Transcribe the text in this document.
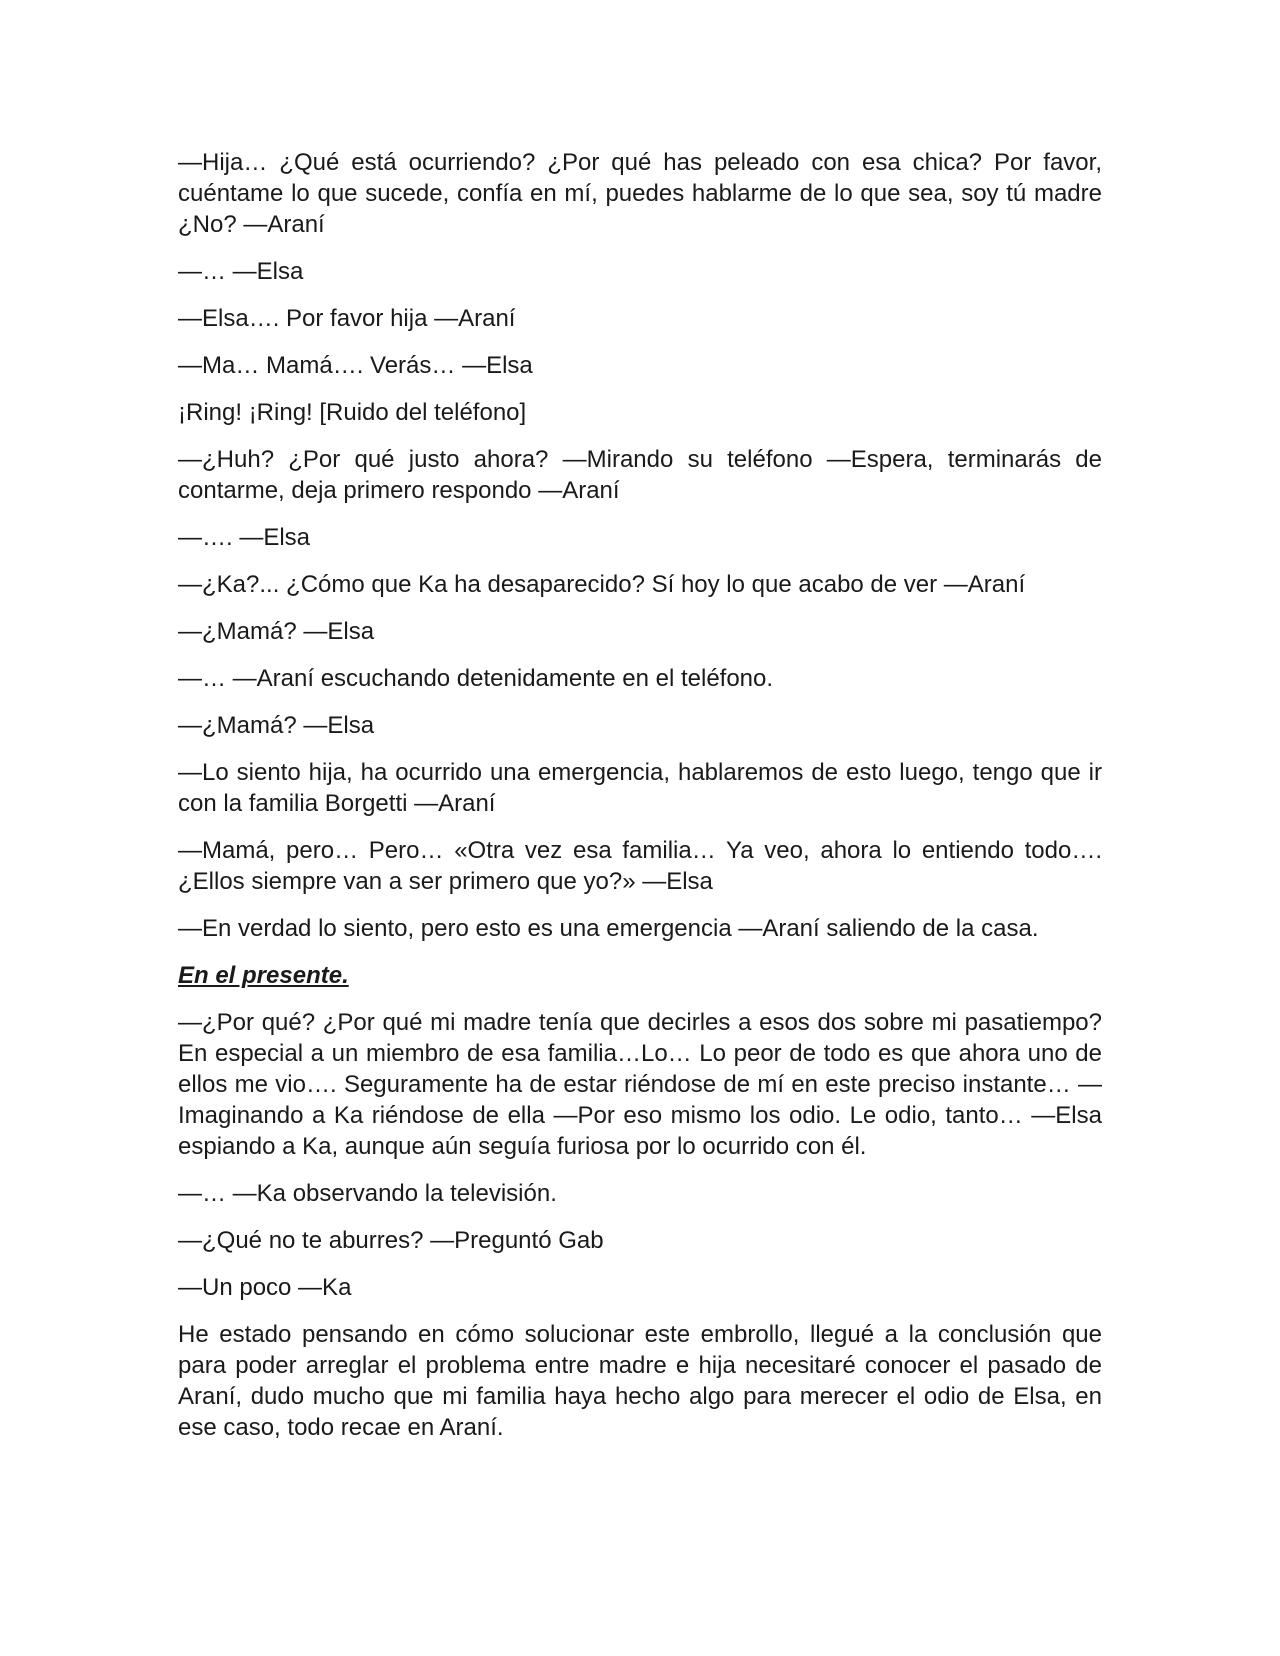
—Hija… ¿Qué está ocurriendo? ¿Por qué has peleado con esa chica? Por favor, cuéntame lo que sucede, confía en mí, puedes hablarme de lo que sea, soy tú madre ¿No? —Araní

—… —Elsa

—Elsa…. Por favor hija —Araní

—Ma… Mamá…. Verás… —Elsa

¡Ring! ¡Ring! [Ruido del teléfono]

—¿Huh? ¿Por qué justo ahora? —Mirando su teléfono —Espera, terminarás de contarme, deja primero respondo —Araní

—…. —Elsa

—¿Ka?... ¿Cómo que Ka ha desaparecido? Sí hoy lo que acabo de ver —Araní

—¿Mamá? —Elsa

—… —Araní escuchando detenidamente en el teléfono.

—¿Mamá? —Elsa

—Lo siento hija, ha ocurrido una emergencia, hablaremos de esto luego, tengo que ir con la familia Borgetti —Araní

—Mamá, pero… Pero… «Otra vez esa familia… Ya veo, ahora lo entiendo todo…. ¿Ellos siempre van a ser primero que yo?» —Elsa

—En verdad lo siento, pero esto es una emergencia —Araní saliendo de la casa.

En el presente.

—¿Por qué? ¿Por qué mi madre tenía que decirles a esos dos sobre mi pasatiempo? En especial a un miembro de esa familia…Lo… Lo peor de todo es que ahora uno de ellos me vio…. Seguramente ha de estar riéndose de mí en este preciso instante… —Imaginando a Ka riéndose de ella —Por eso mismo los odio. Le odio, tanto… —Elsa espiando a Ka, aunque aún seguía furiosa por lo ocurrido con él.

—… —Ka observando la televisión.

—¿Qué no te aburres? —Preguntó Gab

—Un poco —Ka

He estado pensando en cómo solucionar este embrollo, llegué a la conclusión que para poder arreglar el problema entre madre e hija necesitaré conocer el pasado de Araní, dudo mucho que mi familia haya hecho algo para merecer el odio de Elsa, en ese caso, todo recae en Araní.
